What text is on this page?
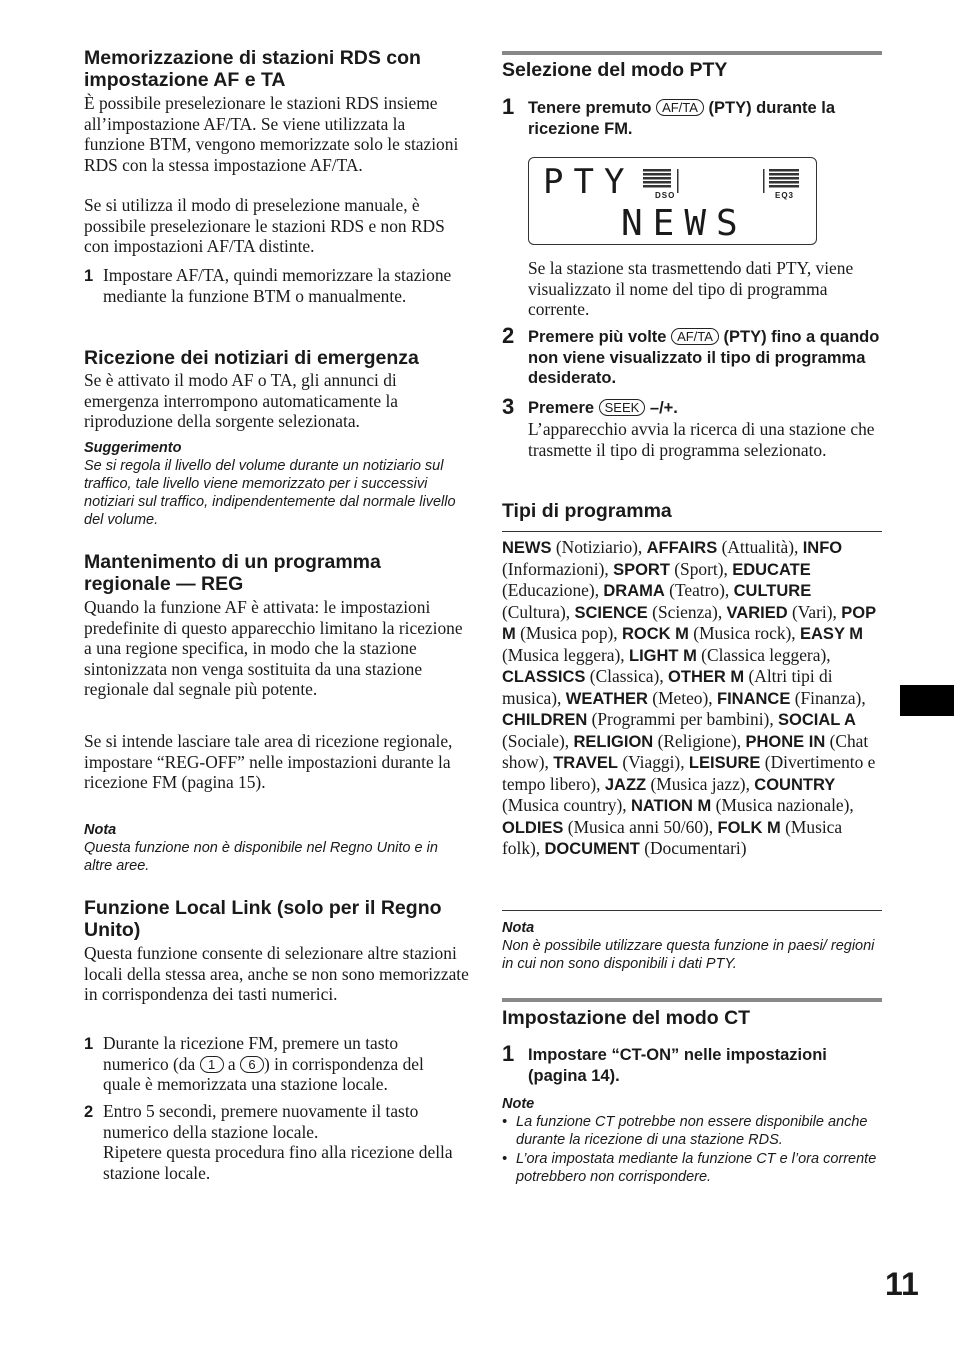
Memorizzazione di stazioni RDS con impostazione AF e TA
È possibile preselezionare le stazioni RDS insieme all’impostazione AF/TA. Se viene utilizzata la funzione BTM, vengono memorizzate solo le stazioni RDS con la stessa impostazione AF/TA.
Se si utilizza il modo di preselezione manuale, è possibile preselezionare le stazioni RDS e non RDS con impostazioni AF/TA distinte.
1 Impostare AF/TA, quindi memorizzare la stazione mediante la funzione BTM o manualmente.
Ricezione dei notiziari di emergenza
Se è attivato il modo AF o TA, gli annunci di emergenza interrompono automaticamente la riproduzione della sorgente selezionata.
Suggerimento
Se si regola il livello del volume durante un notiziario sul traffico, tale livello viene memorizzato per i successivi notiziari sul traffico, indipendentemente dal normale livello del volume.
Mantenimento di un programma regionale — REG
Quando la funzione AF è attivata: le impostazioni predefinite di questo apparecchio limitano la ricezione a una regione specifica, in modo che la stazione sintonizzata non venga sostituita da una stazione regionale dal segnale più potente.
Se si intende lasciare tale area di ricezione regionale, impostare “REG-OFF” nelle impostazioni durante la ricezione FM (pagina 15).
Nota
Questa funzione non è disponibile nel Regno Unito e in altre aree.
Funzione Local Link (solo per il Regno Unito)
Questa funzione consente di selezionare altre stazioni locali della stessa area, anche se non sono memorizzate in corrispondenza dei tasti numerici.
1 Durante la ricezione FM, premere un tasto numerico (da 1 a 6 ) in corrispondenza del quale è memorizzata una stazione locale.
2 Entro 5 secondi, premere nuovamente il tasto numerico della stazione locale.
Ripetere questa procedura fino alla ricezione della stazione locale.
Selezione del modo PTY
1 Tenere premuto AF/TA (PTY) durante la ricezione FM.
PTY	DSO	EQ3
NEWS
Se la stazione sta trasmettendo dati PTY, viene visualizzato il nome del tipo di programma corrente.
2 Premere più volte AF/TA (PTY) fino a quando non viene visualizzato il tipo di programma desiderato.
3 Premere SEEK –/+.
L’apparecchio avvia la ricerca di una stazione che trasmette il tipo di programma selezionato.
Tipi di programma
NEWS (Notiziario), AFFAIRS (Attualità), INFO (Informazioni), SPORT (Sport), EDUCATE (Educazione), DRAMA (Teatro), CULTURE (Cultura), SCIENCE (Scienza), VARIED (Vari), POP M (Musica pop), ROCK M (Musica rock), EASY M (Musica leggera), LIGHT M (Classica leggera), CLASSICS (Classica), OTHER M (Altri tipi di musica), WEATHER (Meteo), FINANCE (Finanza), CHILDREN (Programmi per bambini), SOCIAL A (Sociale), RELIGION (Religione), PHONE IN (Chat show), TRAVEL (Viaggi), LEISURE (Divertimento e tempo libero), JAZZ (Musica jazz), COUNTRY (Musica country), NATION M (Musica nazionale), OLDIES (Musica anni 50/60), FOLK M (Musica folk), DOCUMENT (Documentari)
Nota
Non è possibile utilizzare questa funzione in paesi/ regioni in cui non sono disponibili i dati PTY.
Impostazione del modo CT
1 Impostare “CT-ON” nelle impostazioni (pagina 14).
Note
• La funzione CT potrebbe non essere disponibile anche durante la ricezione di una stazione RDS.
• L’ora impostata mediante la funzione CT e l’ora corrente potrebbero non corrispondere.
11
